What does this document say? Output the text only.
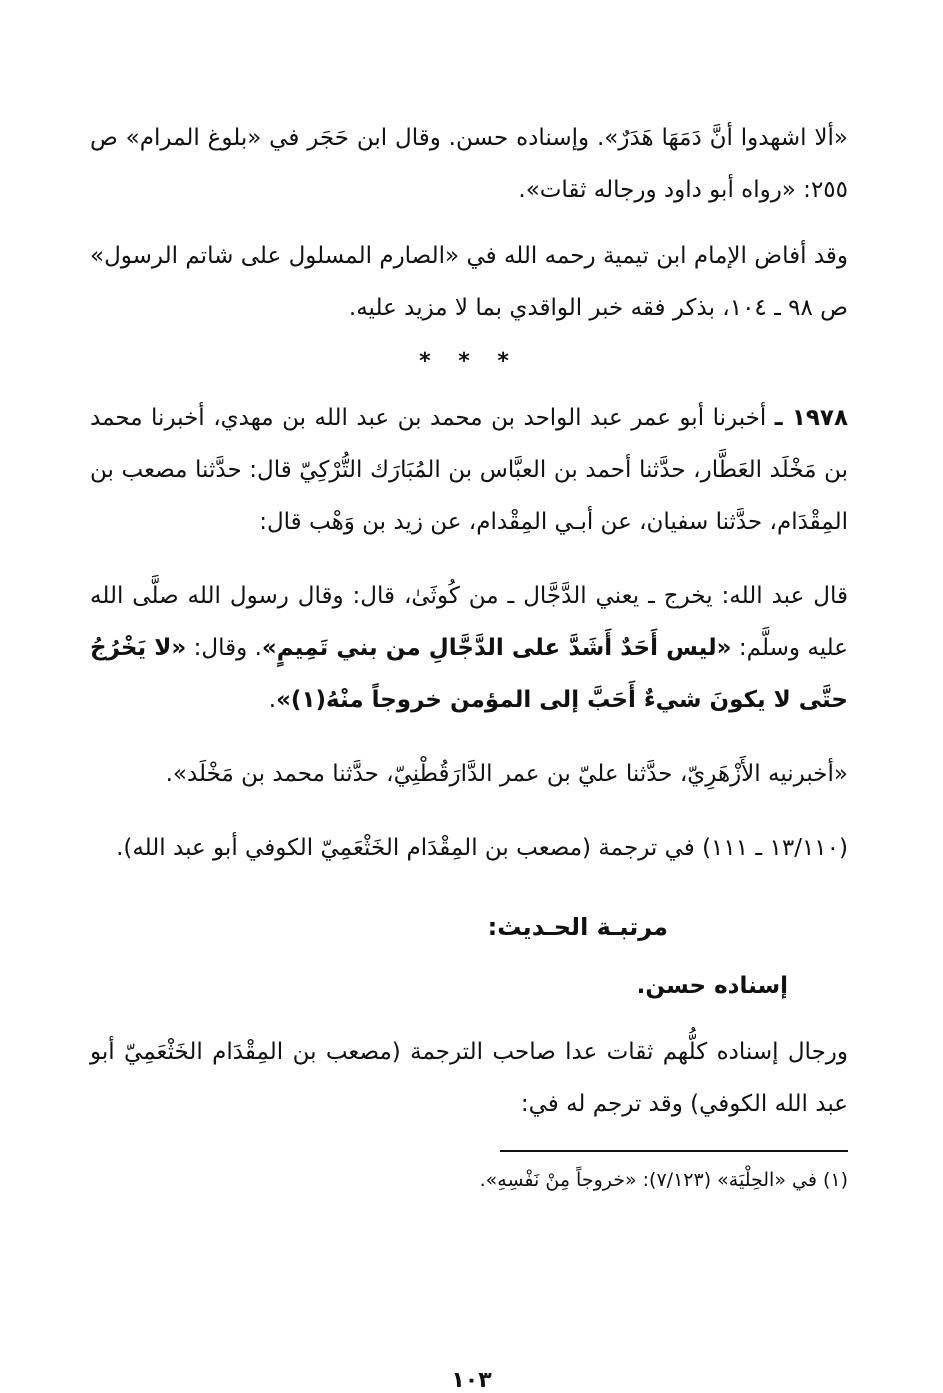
«ألا اشهدوا أنَّ دَمَهَا هَدَرٌ». وإسناده حسن. وقال ابن حَجَر في «بلوغ المرام» ص ٢٥٥: «رواه أبو داود ورجاله ثقات».

وقد أفاض الإمام ابن تيمية رحمه الله في «الصارم المسلول على شاتم الرسول» ص ٩٨ ـ ١٠٤، بذكر فقه خبر الواقدي بما لا مزيد عليه.

* * *

١٩٧٨ ـ أخبرنا أبو عمر عبد الواحد بن محمد بن عبد الله بن مهدي، أخبرنا محمد بن مَخْلَد العَطَّار، حدَّثنا أحمد بن العبَّاس بن المُبَارَك التُّرْكِيّ قال: حدَّثنا مصعب بن المِقْدَام، حدَّثنا سفيان، عن أبـي المِقْدام، عن زيد بن وَهْب قال:

قال عبد الله: يخرج ـ يعني الدَّجَّال ـ من كُوثَىٰ، قال: وقال رسول الله صلَّى الله عليه وسلَّم: «ليس أَحَدٌ أَشَدَّ على الدَّجَّالِ من بني تَمِيمٍ». وقال: «لا يَخْرُجُ حتَّى لا يكونَ شيءٌ أَحَبَّ إلى المؤمن خروجاً منْهُ(١)».

«أخبرنيه الأَزْهَرِيّ، حدَّثنا عليّ بن عمر الدَّارَقُطْنِيّ، حدَّثنا محمد بن مَخْلَد».

(١٣/١١٠ ـ ١١١) في ترجمة (مصعب بن المِقْدَام الخَثْعَمِيّ الكوفي أبو عبد الله).

مرتبـة الحـديث:
إسناده حسن.

ورجال إسناده كلُّهم ثقات عدا صاحب الترجمة (مصعب بن المِقْدَام الخَثْعَمِيّ أبو عبد الله الكوفي) وقد ترجم له في:

(١) في «الحِلْيَة» (٧/١٢٣): «خروجاً مِنْ نَفْسِهِ».

١٠٣
